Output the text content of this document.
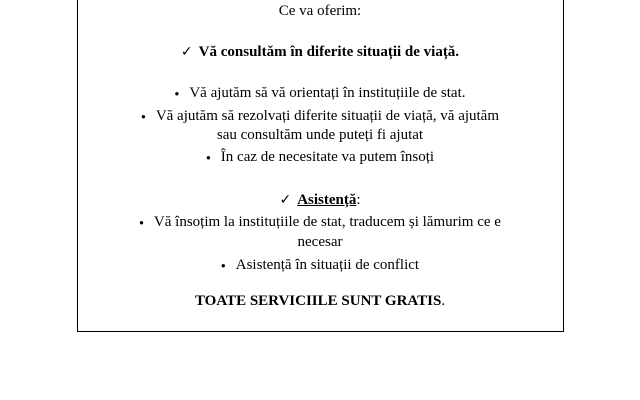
Ce va oferim:
✓ Vă consultăm în diferite situații de viață.
●Vă ajutăm să vă orientați în instituțiile de stat.
●Vă ajutăm să rezolvați diferite situații de viață, vă ajutăm
sau consultăm unde puteți fi ajutat
●În caz de necesitate va putem însoți
✓ Asistență:
●Vă însoțim la instituțiile de stat, traducem și lămurim ce e
necesar
●Asistență în situații de conflict
TOATE SERVICIILE SUNT GRATIS.
